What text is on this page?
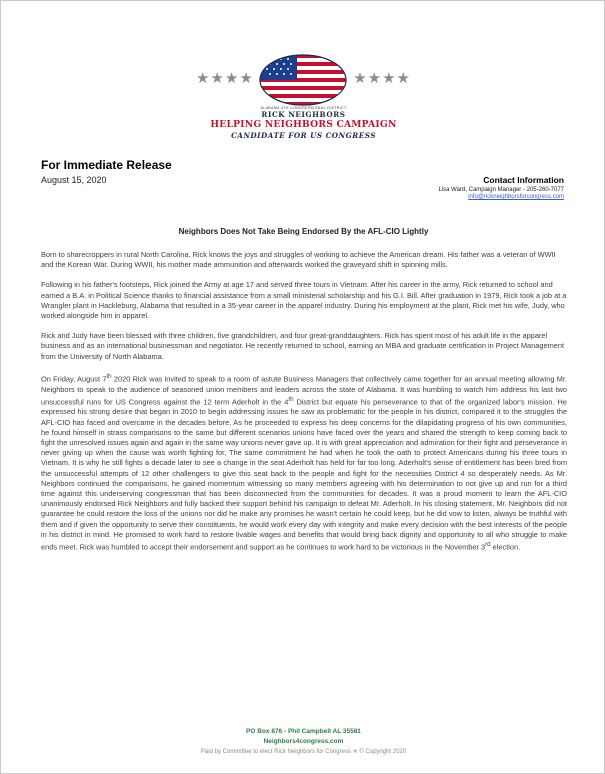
★★★★	★★★★
ALABAMA 4TH CONGRESSIONAL DISTRICT
RICK NEIGHBORS
HELPING NEIGHBORS CAMPAIGN
CANDIDATE FOR US CONGRESS
For Immediate Release
August 15, 2020	Contact Information
Lisa Ward, Campaign Manager - 205-260-7077
info@rickneighborsforcongress.com
Neighbors Does Not Take Being Endorsed By the AFL-CIO Lightly

Born to sharecroppers in rural North Carolina, Rick knows the joys and struggles of working to achieve the American dream. His father was a veteran of WWII and the Korean War. During WWII, his mother made ammunition and afterwards worked the graveyard shift in spinning mills.

Following in his father's footsteps, Rick joined the Army at age 17 and served three tours in Vietnam. After his career in the army, Rick returned to school and earned a B.A. in Political Science thanks to financial assistance from a small ministerial scholarship and his G.I. Bill. After graduation in 1979, Rick took a job at a Wrangler plant in Hackleburg, Alabama that resulted in a 35-year career in the apparel industry. During his employment at the plant, Rick met his wife, Judy, who worked alongside him in apparel.

Rick and Judy have been blessed with three children, five grandchildren, and four great-granddaughters. Rick has spent most of his adult life in the apparel business and as an international businessman and negotiator. He recently returned to school, earning an MBA and graduate certification in Project Management from the University of North Alabama.

On Friday, August 7th 2020 Rick was invited to speak to a room of astute Business Managers that collectively came together for an annual meeting allowing Mr. Neighbors to speak to the audience of seasoned union members and leaders across the state of Alabama. It was humbling to watch him address his last two unsuccessful runs for US Congress against the 12 term Aderholt in the 4th District but equate his perseverance to that of the organized labor's mission. He expressed his strong desire that began in 2010 to begin addressing issues he saw as problematic for the people in his district, compared it to the struggles the AFL-CIO has faced and overcame in the decades before. As he proceeded to express his deep concerns for the dilapidating progress of his own communities, he found himself in strass comparisons to the same but different scenarios unions have faced over the years and shared the strength to keep coming back to fight the unresolved issues again and again in the same way unions never gave up. It is with great appreciation and admiration for their fight and perseverance in never giving up when the cause was worth fighting for, The same commitment he had when he took the oath to protect Americans during his three tours in Vietnam. It is why he still fights a decade later to see a change in the seat Aderholt has held for far too long. Aderholt's sense of entitlement has been bred from the unsuccessful attempts of 12 other challengers to give this seat back to the people and fight for the necessities District 4 so desperately needs. As Mr. Neighbors continued the comparisons, he gained momentum witnessing so many members agreeing with his determination to not give up and run for a third time against this underserving congressman that has been disconnected from the communities for decades. It was a proud moment to learn the AFL-CIO unanimously endorsed Rick Neighbors and fully backed their support behind his campaign to defeat Mr. Aderholt. In his closing statement, Mr. Neighbors did not guarantee he could restore the loss of the unions nor did he make any promises he wasn't certain he could keep, but he did vow to listen, always be truthful with them and if given the opportunity to serve their constituents, he would work every day with integrity and make every decision with the best interests of the people in his district in mind. He promised to work hard to restore livable wages and benefits that would bring back dignity and opportunity to all who struggle to make ends meet. Rick was humbled to accept their endorsement and support as he continues to work hard to be victorious in the November 3rd election.

PO Box 876 - Phil Campbell AL 35581
Neighbors4congress.com
Paid by Committee to elect Rick Neighbors for Congress ✯ © Copyright 2020
